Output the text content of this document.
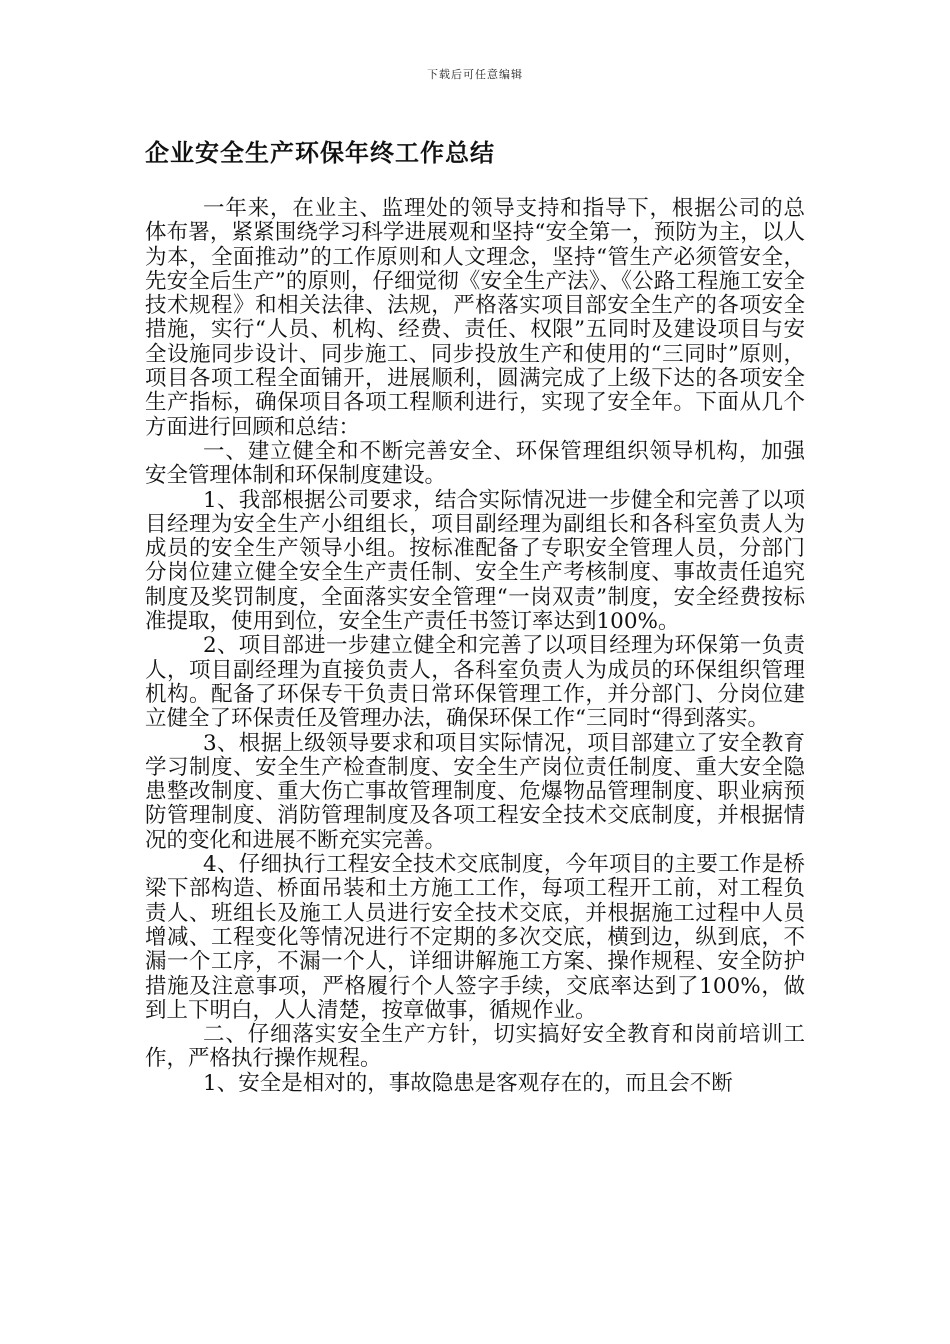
下载后可任意编辑
企业安全生产环保年终工作总结

一年来，在业主、监理处的领导支持和指导下，根据公司的总体布署，紧紧围绕学习科学进展观和坚持“安全第一，预防为主，以人为本，全面推动”的工作原则和人文理念，坚持“管生产必须管安全，先安全后生产”的原则，仔细觉彻《安全生产法》、《公路工程施工安全技术规程》和相关法律、法规，严格落实项目部安全生产的各项安全措施，实行“人员、机构、经费、责任、权限”五同时及建设项目与安全设施同步设计、同步施工、同步投放生产和使用的“三同时”原则，项目各项工程全面铺开，进展顺利，圆满完成了上级下达的各项安全生产指标，确保项目各项工程顺利进行，实现了安全年。下面从几个方面进行回顾和总结：

一、建立健全和不断完善安全、环保管理组织领导机构，加强安全管理体制和环保制度建设。

1、我部根据公司要求，结合实际情况进一步健全和完善了以项目经理为安全生产小组组长，项目副经理为副组长和各科室负责人为成员的安全生产领导小组。按标准配备了专职安全管理人员，分部门分岗位建立健全安全生产责任制、安全生产考核制度、事故责任追究制度及奖罚制度，全面落实安全管理“一岗双责”制度，安全经费按标准提取，使用到位，安全生产责任书签订率达到100%。

2、项目部进一步建立健全和完善了以项目经理为环保第一负责人，项目副经理为直接负责人，各科室负责人为成员的环保组织管理机构。配备了环保专干负责日常环保管理工作，并分部门、分岗位建立健全了环保责任及管理办法，确保环保工作“三同时“得到落实。

3、根据上级领导要求和项目实际情况，项目部建立了安全教育学习制度、安全生产检查制度、安全生产岗位责任制度、重大安全隐患整改制度、重大伤亡事故管理制度、危爆物品管理制度、职业病预防管理制度、消防管理制度及各项工程安全技术交底制度，并根据情况的变化和进展不断充实完善。

4、仔细执行工程安全技术交底制度，今年项目的主要工作是桥梁下部构造、桥面吊装和土方施工工作，每项工程开工前，对工程负责人、班组长及施工人员进行安全技术交底，并根据施工过程中人员增减、工程变化等情况进行不定期的多次交底，横到边，纵到底，不漏一个工序，不漏一个人，详细讲解施工方案、操作规程、安全防护措施及注意事项，严格履行个人签字手续，交底率达到了100%，做到上下明白，人人清楚，按章做事，循规作业。

二、仔细落实安全生产方针，切实搞好安全教育和岗前培训工作，严格执行操作规程。

1、安全是相对的，事故隐患是客观存在的，而且会不断
